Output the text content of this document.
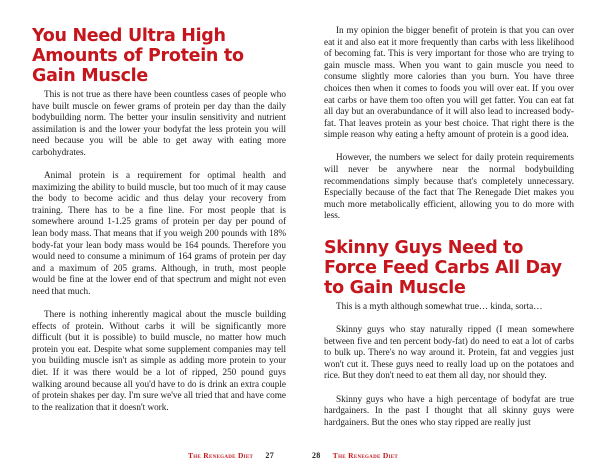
You Need Ultra High Amounts of Protein to Gain Muscle

This is not true as there have been countless cases of people who have built muscle on fewer grams of protein per day than the daily bodybuilding norm. The better your insulin sensitivity and nutrient assimilation is and the lower your bodyfat the less protein you will need because you will be able to get away with eating more carbohydrates.

Animal protein is a requirement for optimal health and maximizing the ability to build muscle, but too much of it may cause the body to become acidic and thus delay your recovery from training. There has to be a fine line. For most people that is somewhere around 1-1.25 grams of protein per day per pound of lean body mass. That means that if you weigh 200 pounds with 18% body-fat your lean body mass would be 164 pounds. Therefore you would need to consume a minimum of 164 grams of protein per day and a maximum of 205 grams. Although, in truth, most people would be fine at the lower end of that spectrum and might not even need that much.

There is nothing inherently magical about the muscle building effects of protein. Without carbs it will be significantly more difficult (but it is possible) to build muscle, no matter how much protein you eat. Despite what some supplement companies may tell you building muscle isn't as simple as adding more protein to your diet. If it was there would be a lot of ripped, 250 pound guys walking around because all you'd have to do is drink an extra couple of protein shakes per day. I'm sure we've all tried that and have come to the realization that it doesn't work.

The Renegade Diet 27

In my opinion the bigger benefit of protein is that you can over eat it and also eat it more frequently than carbs with less likelihood of becoming fat. This is very important for those who are trying to gain muscle mass. When you want to gain muscle you need to consume slightly more calories than you burn. You have three choices then when it comes to foods you will over eat. If you over eat carbs or have them too often you will get fatter. You can eat fat all day but an overabundance of it will also lead to increased body-fat. That leaves protein as your best choice. That right there is the simple reason why eating a hefty amount of protein is a good idea.

However, the numbers we select for daily protein requirements will never be anywhere near the normal bodybuilding recommendations simply because that's completely unnecessary. Especially because of the fact that The Renegade Diet makes you much more metabolically efficient, allowing you to do more with less.

Skinny Guys Need to Force Feed Carbs All Day to Gain Muscle

This is a myth although somewhat true… kinda, sorta…

Skinny guys who stay naturally ripped (I mean somewhere between five and ten percent body-fat) do need to eat a lot of carbs to bulk up. There's no way around it. Protein, fat and veggies just won't cut it. These guys need to really load up on the potatoes and rice. But they don't need to eat them all day, nor should they.

Skinny guys who have a high percentage of bodyfat are true hardgainers. In the past I thought that all skinny guys were hardgainers. But the ones who stay ripped are really just

28 The Renegade Diet
